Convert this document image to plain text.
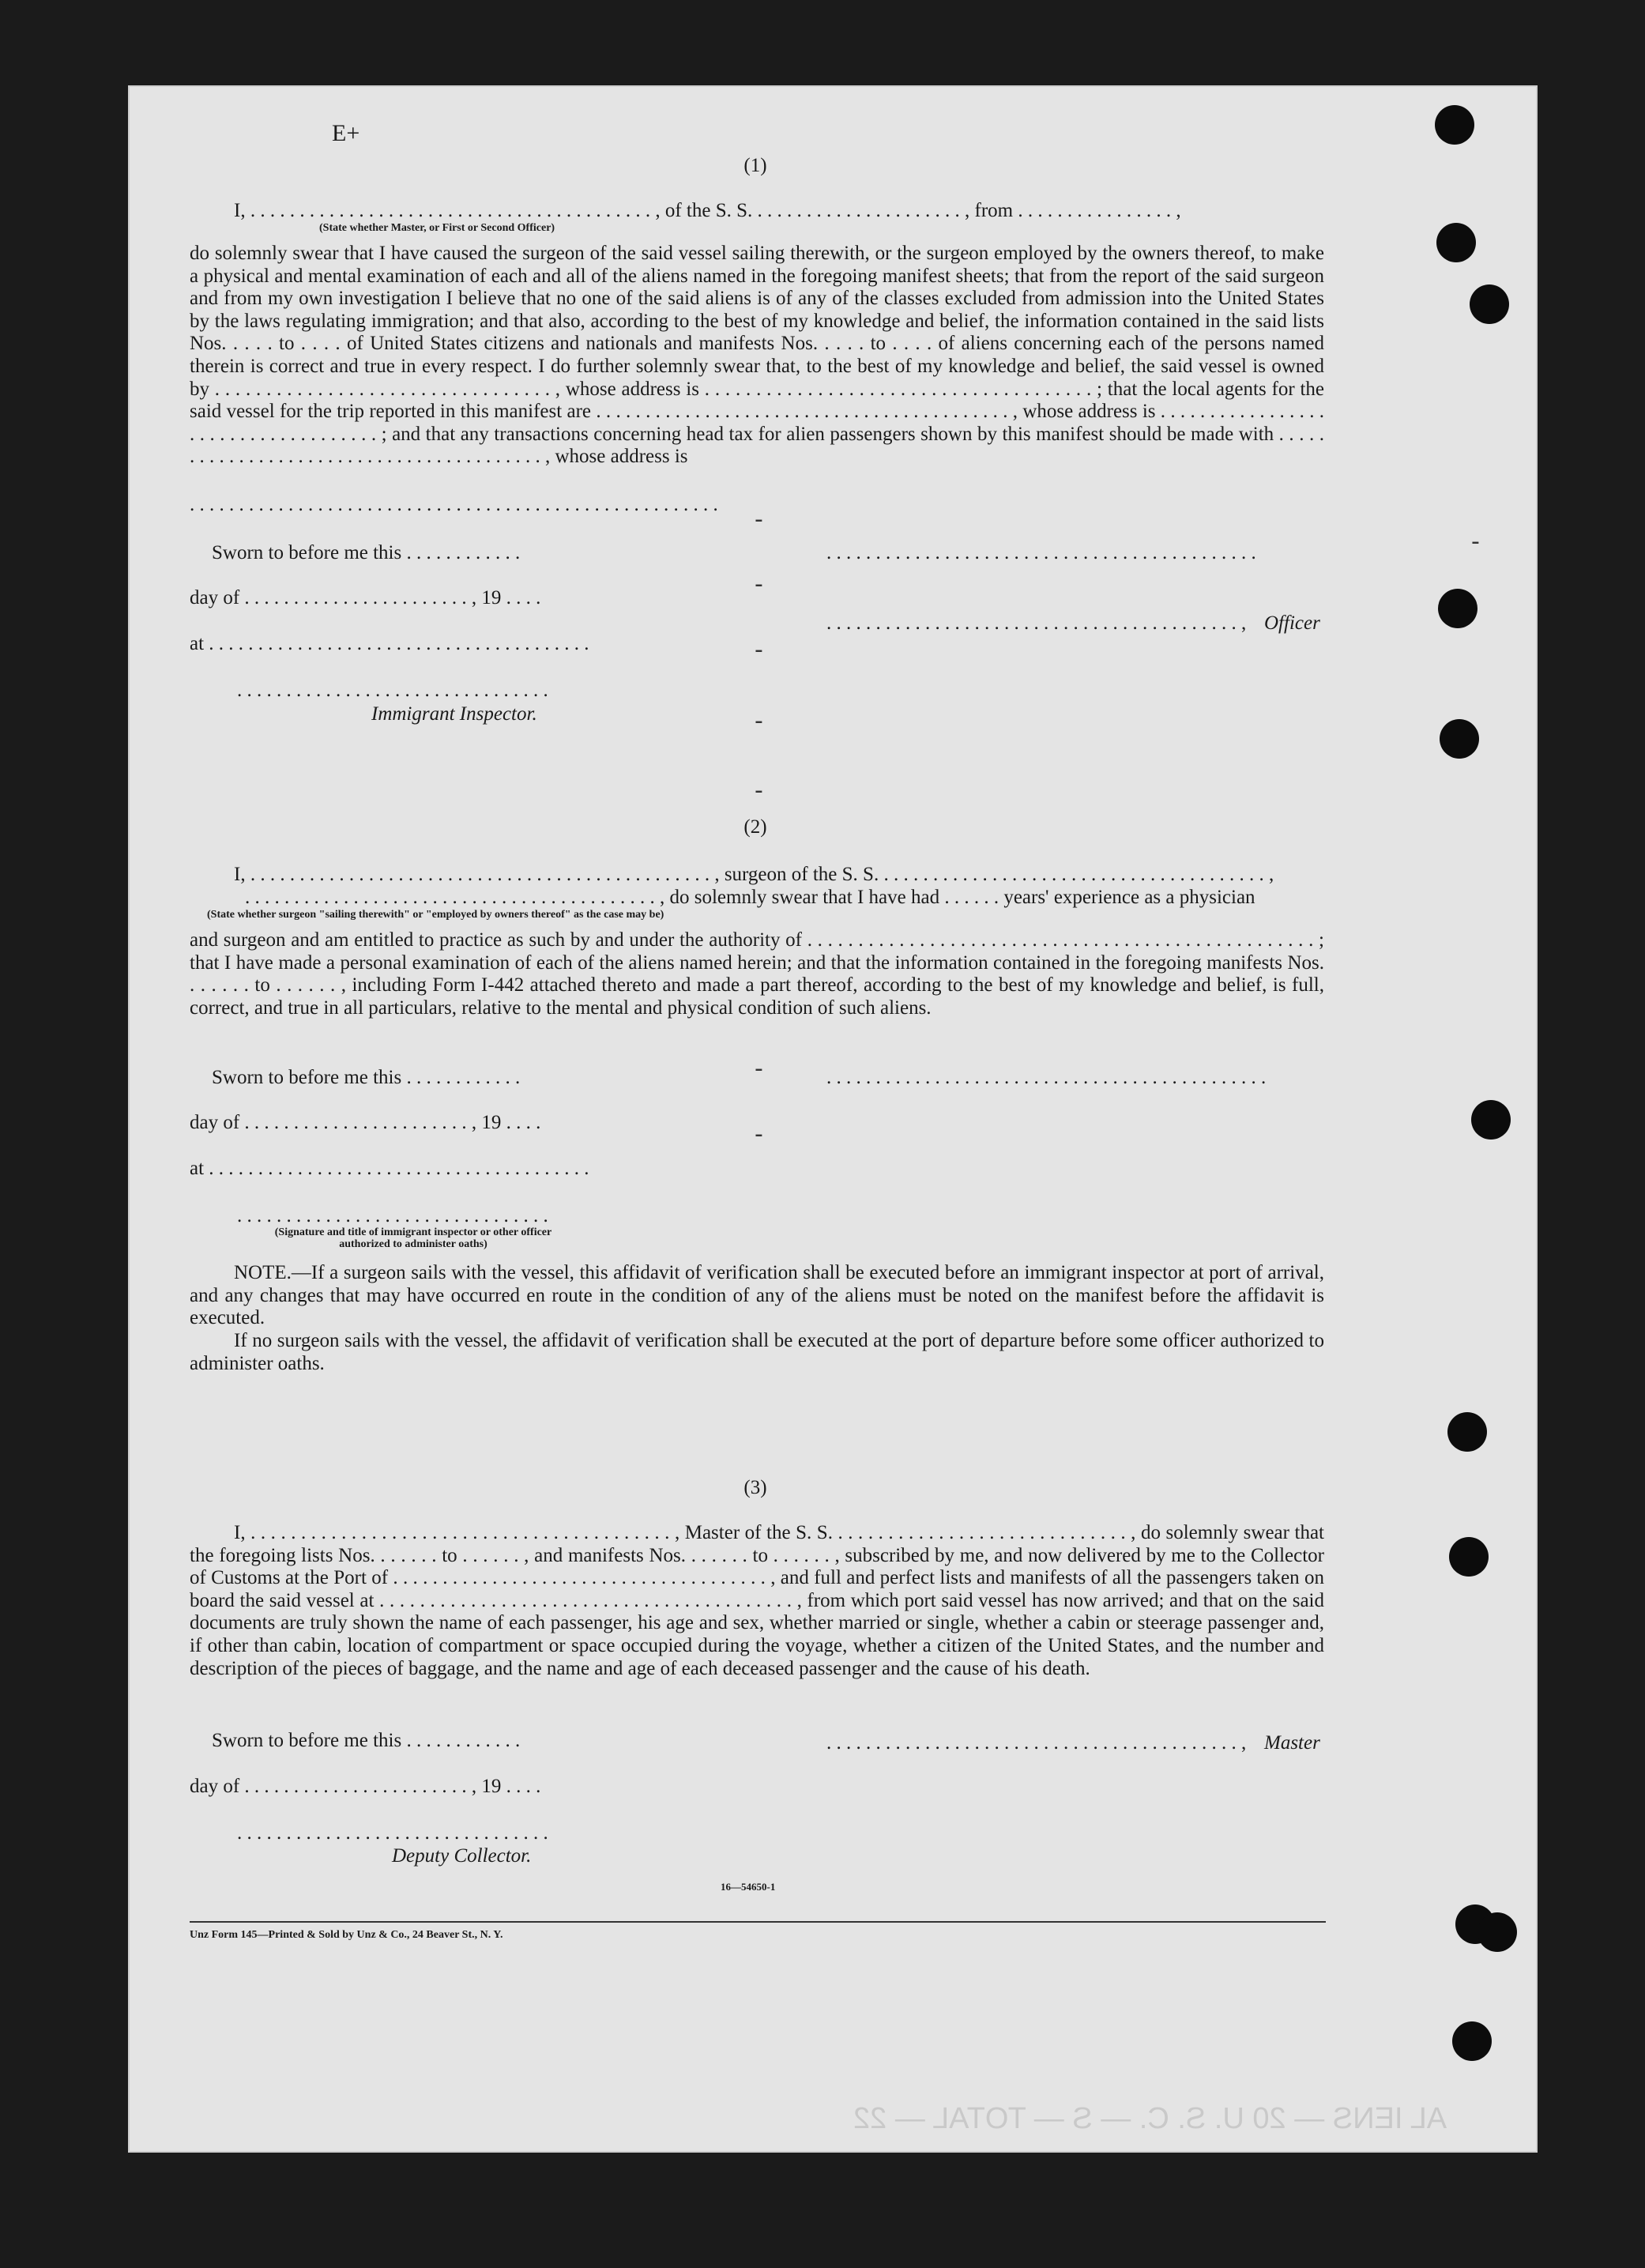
AL IENS — 20 U. S. C. — S — TOTAL — 22
E+
(1)
I, . . . . . . . . . . . . . . . . . . . . . . . . . . . . . . . . . . . . . . . . . , of the S. S. . . . . . . . . . . . . . . . . . . . . . , from . . . . . . . . . . . . . . . . ,
(State whether Master, or First or Second Officer)
do solemnly swear that I have caused the surgeon of the said vessel sailing therewith, or the surgeon employed by the owners thereof, to make a physical and mental examination of each and all of the aliens named in the foregoing manifest sheets; that from the report of the said surgeon and from my own investigation I believe that no one of the said aliens is of any of the classes excluded from admission into the United States by the laws regulating immigration; and that also, according to the best of my knowledge and belief, the information contained in the said lists Nos. . . . . to . . . . of United States citizens and nationals and manifests Nos. . . . . to . . . . of aliens concerning each of the persons named therein is correct and true in every respect. I do further solemnly swear that, to the best of my knowledge and belief, the said vessel is owned by . . . . . . . . . . . . . . . . . . . . . . . . . . . . . . . . . , whose address is . . . . . . . . . . . . . . . . . . . . . . . . . . . . . . . . . . . . . . ; that the local agents for the said vessel for the trip reported in this manifest are . . . . . . . . . . . . . . . . . . . . . . . . . . . . . . . . . . . . . . . . . . , whose address is . . . . . . . . . . . . . . . . . . . . . . . . . . . . . . . . . . . . ; and that any transactions concerning head tax for alien passengers shown by this manifest should be made with . . . . . . . . . . . . . . . . . . . . . . . . . . . . . . . . . . . . . . . . . , whose address is
. . . . . . . . . . . . . . . . . . . . . . . . . . . . . . . . . . . . . . . . . . . . . . . . . . . . . .
Sworn to before me this . . . . . . . . . . . .
day of . . . . . . . . . . . . . . . . . . . . . . . , 19 . . . .
at . . . . . . . . . . . . . . . . . . . . . . . . . . . . . . . . . . . . . . .
. . . . . . . . . . . . . . . . . . . . . . . . . . . . . . . .
Immigrant Inspector.
. . . . . . . . . . . . . . . . . . . . . . . . . . . . . . . . . . . . . . . . . . . .
. . . . . . . . . . . . . . . . . . . . . . . . . . . . . . . . . . . . . . . . . . , Officer
(2)
I, . . . . . . . . . . . . . . . . . . . . . . . . . . . . . . . . . . . . . . . . . . . . . . . , surgeon of the S. S. . . . . . . . . . . . . . . . . . . . . . . . . . . . . . . . . . . . . . . . ,
. . . . . . . . . . . . . . . . . . . . . . . . . . . . . . . . . . . . . . . . . . , do solemnly swear that I have had . . . . . . years' experience as a physician
(State whether surgeon "sailing therewith" or "employed by owners thereof" as the case may be)
and surgeon and am entitled to practice as such by and under the authority of . . . . . . . . . . . . . . . . . . . . . . . . . . . . . . . . . . . . . . . . . . . . . . . . . . ; that I have made a personal examination of each of the aliens named herein; and that the information contained in the foregoing manifests Nos. . . . . . . to . . . . . . , including Form I-442 attached thereto and made a part thereof, according to the best of my knowledge and belief, is full, correct, and true in all particulars, relative to the mental and physical condition of such aliens.
Sworn to before me this . . . . . . . . . . . .
day of . . . . . . . . . . . . . . . . . . . . . . . , 19 . . . .
at . . . . . . . . . . . . . . . . . . . . . . . . . . . . . . . . . . . . . . .
. . . . . . . . . . . . . . . . . . . . . . . . . . . . . . . .
(Signature and title of immigrant inspector or other officer authorized to administer oaths)
. . . . . . . . . . . . . . . . . . . . . . . . . . . . . . . . . . . . . . . . . . . . .
NOTE.—If a surgeon sails with the vessel, this affidavit of verification shall be executed before an immigrant inspector at port of arrival, and any changes that may have occurred en route in the condition of any of the aliens must be noted on the manifest before the affidavit is executed.
If no surgeon sails with the vessel, the affidavit of verification shall be executed at the port of departure before some officer authorized to administer oaths.
(3)
I, . . . . . . . . . . . . . . . . . . . . . . . . . . . . . . . . . . . . . . . . . . , Master of the S. S. . . . . . . . . . . . . . . . . . . . . . . . . . . . . . , do solemnly swear that the foregoing lists Nos. . . . . . . to . . . . . . , and manifests Nos. . . . . . . to . . . . . . , subscribed by me, and now delivered by me to the Collector of Customs at the Port of . . . . . . . . . . . . . . . . . . . . . . . . . . . . . . . . . . . . . . , and full and perfect lists and manifests of all the passengers taken on board the said vessel at . . . . . . . . . . . . . . . . . . . . . . . . . . . . . . . . . . . . . . . . . , from which port said vessel has now arrived; and that on the said documents are truly shown the name of each passenger, his age and sex, whether married or single, whether a cabin or steerage passenger and, if other than cabin, location of compartment or space occupied during the voyage, whether a citizen of the United States, and the number and description of the pieces of baggage, and the name and age of each deceased passenger and the cause of his death.
Sworn to before me this . . . . . . . . . . . .
day of . . . . . . . . . . . . . . . . . . . . . . . , 19 . . . .
. . . . . . . . . . . . . . . . . . . . . . . . . . . . . . . .
Deputy Collector.
. . . . . . . . . . . . . . . . . . . . . . . . . . . . . . . . . . . . . . . . . . , Master
16—54650-1
Unz Form 145—Printed & Sold by Unz & Co., 24 Beaver St., N. Y.
-
-
-
-
-
-
-
-
